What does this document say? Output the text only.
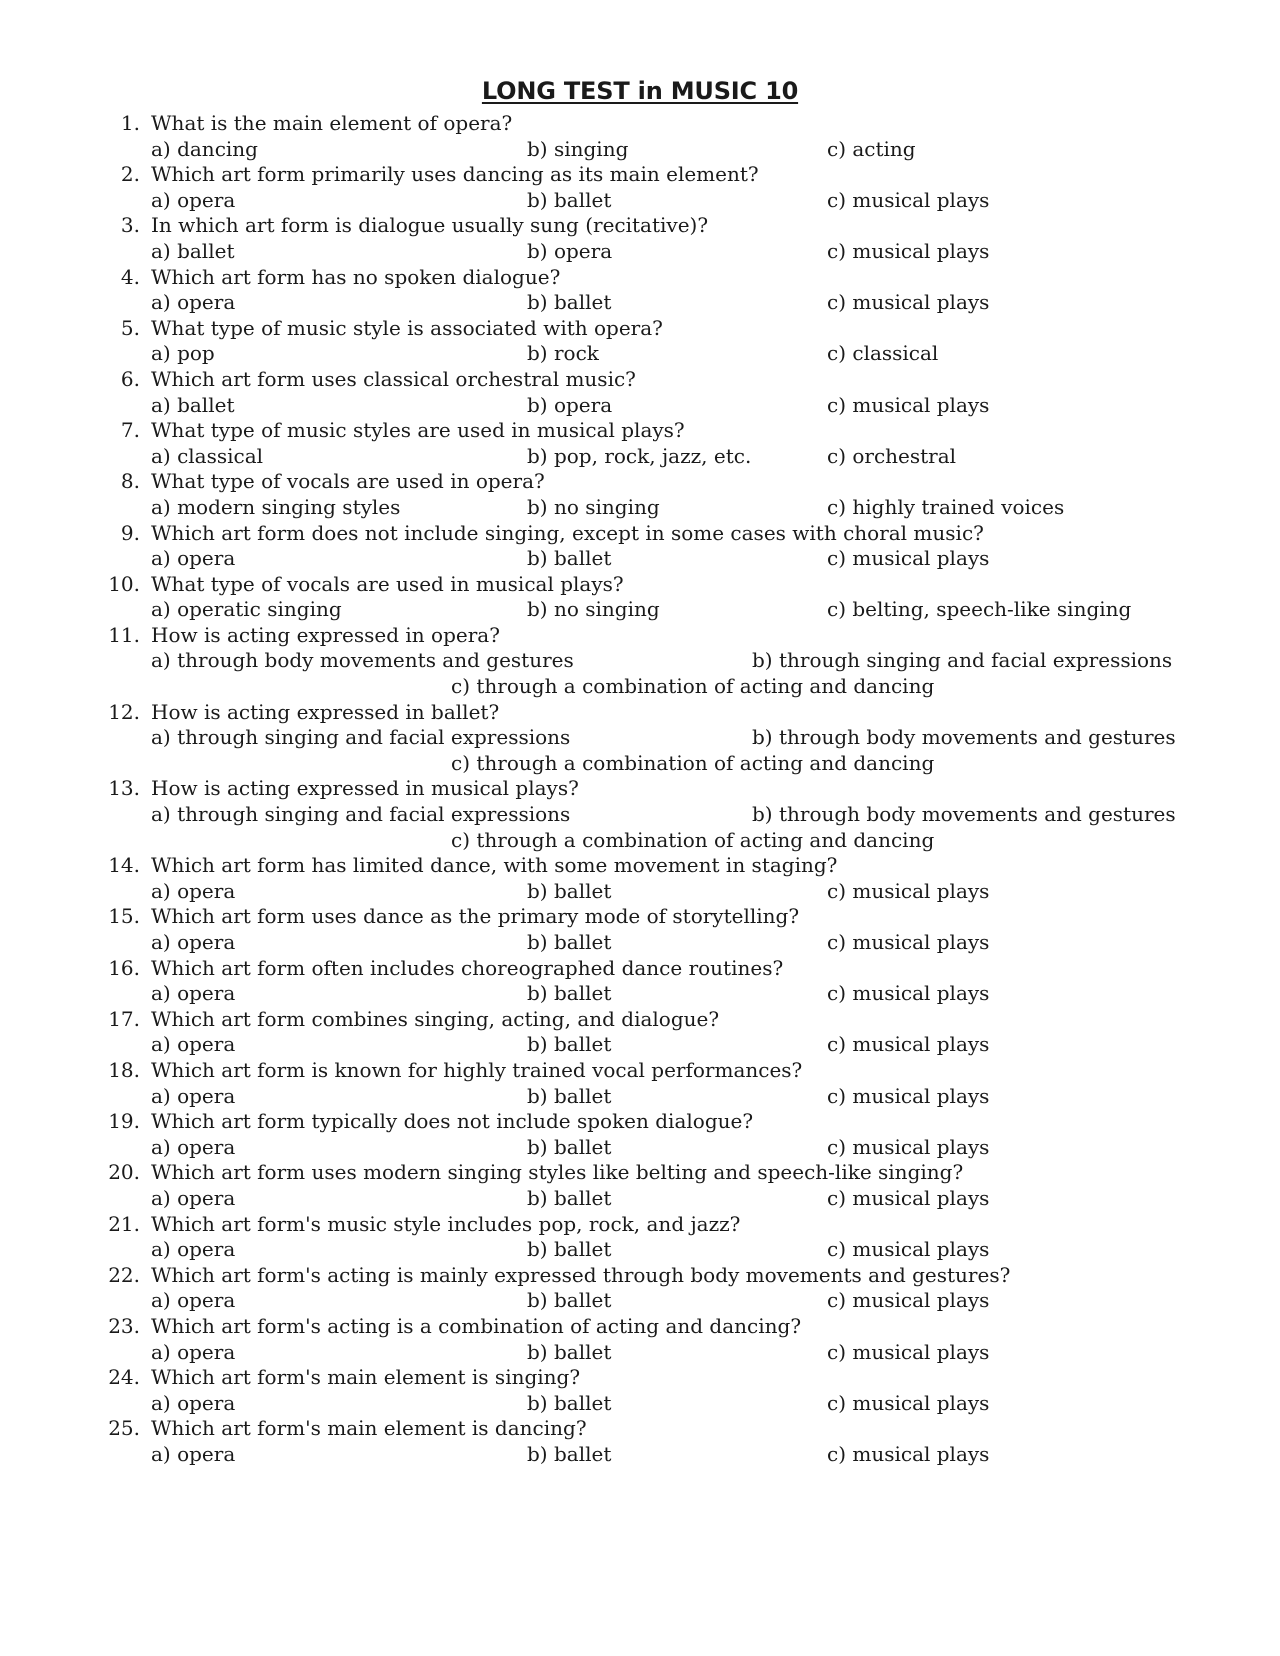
LONG TEST in MUSIC 10
1. What is the main element of opera?
a) dancing	b) singing	c) acting
2. Which art form primarily uses dancing as its main element?
a) opera	b) ballet	c) musical plays
3. In which art form is dialogue usually sung (recitative)?
a) ballet	b) opera	c) musical plays
4. Which art form has no spoken dialogue?
a) opera	b) ballet	c) musical plays
5. What type of music style is associated with opera?
a) pop	b) rock	c) classical
6. Which art form uses classical orchestral music?
a) ballet	b) opera	c) musical plays
7. What type of music styles are used in musical plays?
a) classical	b) pop, rock, jazz, etc.	c) orchestral
8. What type of vocals are used in opera?
a) modern singing styles	b) no singing	c) highly trained voices
9. Which art form does not include singing, except in some cases with choral music?
a) opera	b) ballet	c) musical plays
10. What type of vocals are used in musical plays?
a) operatic singing	b) no singing	c) belting, speech-like singing
11. How is acting expressed in opera?
a) through body movements and gestures	b) through singing and facial expressions
c) through a combination of acting and dancing
12. How is acting expressed in ballet?
a) through singing and facial expressions	b) through body movements and gestures
c) through a combination of acting and dancing
13. How is acting expressed in musical plays?
a) through singing and facial expressions	b) through body movements and gestures
c) through a combination of acting and dancing
14. Which art form has limited dance, with some movement in staging?
a) opera	b) ballet	c) musical plays
15. Which art form uses dance as the primary mode of storytelling?
a) opera	b) ballet	c) musical plays
16. Which art form often includes choreographed dance routines?
a) opera	b) ballet	c) musical plays
17. Which art form combines singing, acting, and dialogue?
a) opera	b) ballet	c) musical plays
18. Which art form is known for highly trained vocal performances?
a) opera	b) ballet	c) musical plays
19. Which art form typically does not include spoken dialogue?
a) opera	b) ballet	c) musical plays
20. Which art form uses modern singing styles like belting and speech-like singing?
a) opera	b) ballet	c) musical plays
21. Which art form's music style includes pop, rock, and jazz?
a) opera	b) ballet	c) musical plays
22. Which art form's acting is mainly expressed through body movements and gestures?
a) opera	b) ballet	c) musical plays
23. Which art form's acting is a combination of acting and dancing?
a) opera	b) ballet	c) musical plays
24. Which art form's main element is singing?
a) opera	b) ballet	c) musical plays
25. Which art form's main element is dancing?
a) opera	b) ballet	c) musical plays
